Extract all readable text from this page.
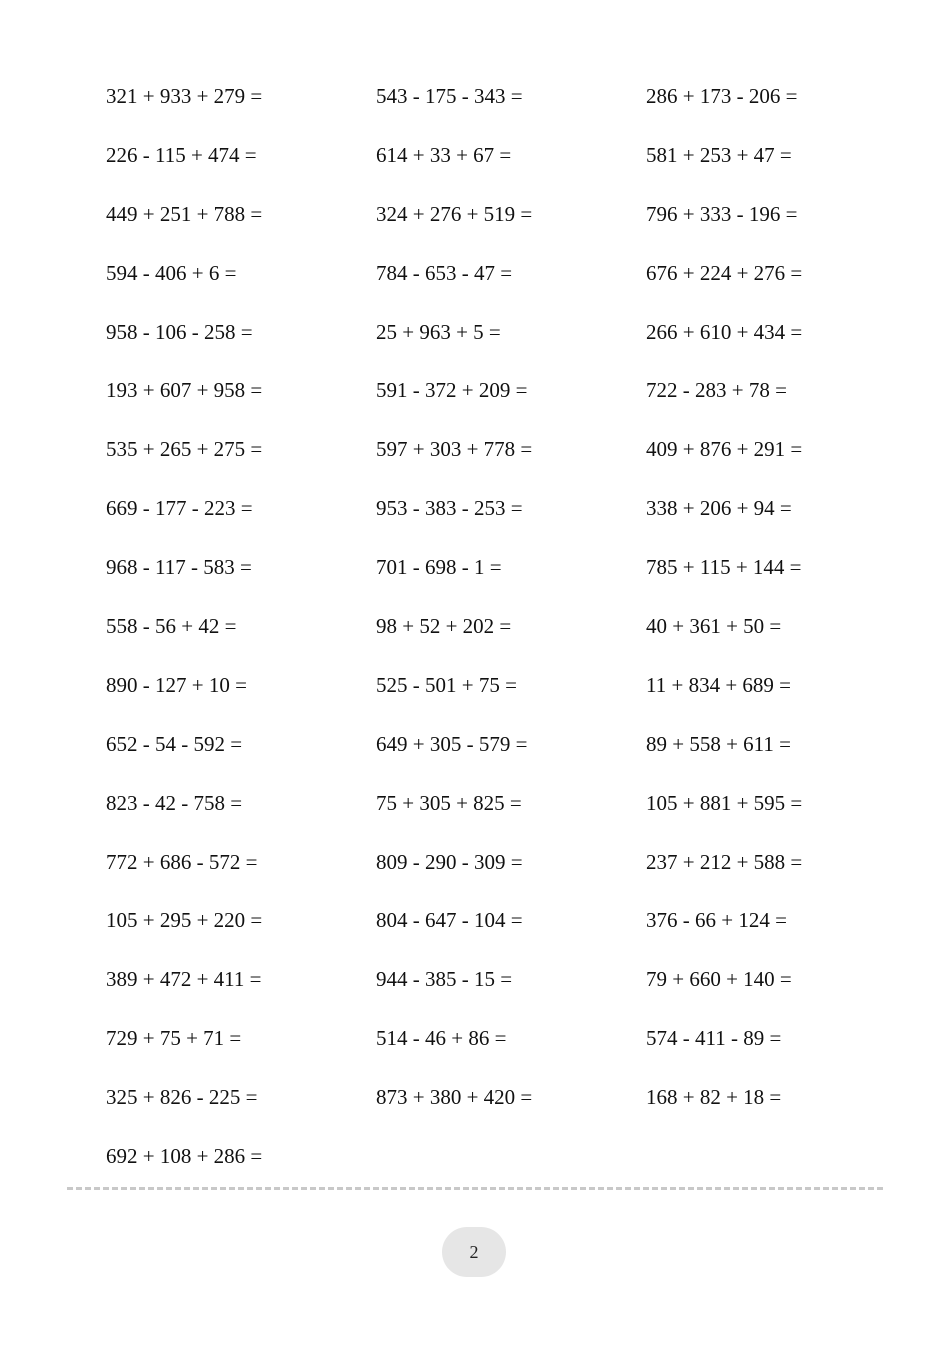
321 + 933 + 279 =	543 - 175 - 343 =	286 + 173 - 206 =
226 - 115 + 474 =	614 + 33 + 67 =	581 + 253 + 47 =
449 + 251 + 788 =	324 + 276 + 519 =	796 + 333 - 196 =
594 - 406 + 6 =	784 - 653 - 47 =	676 + 224 + 276 =
958 - 106 - 258 =	25 + 963 + 5 =	266 + 610 + 434 =
193 + 607 + 958 =	591 - 372 + 209 =	722 - 283 + 78 =
535 + 265 + 275 =	597 + 303 + 778 =	409 + 876 + 291 =
669 - 177 - 223 =	953 - 383 - 253 =	338 + 206 + 94 =
968 - 117 - 583 =	701 - 698 - 1 =	785 + 115 + 144 =
558 - 56 + 42 =	98 + 52 + 202 =	40 + 361 + 50 =
890 - 127 + 10 =	525 - 501 + 75 =	11 + 834 + 689 =
652 - 54 - 592 =	649 + 305 - 579 =	89 + 558 + 611 =
823 - 42 - 758 =	75 + 305 + 825 =	105 + 881 + 595 =
772 + 686 - 572 =	809 - 290 - 309 =	237 + 212 + 588 =
105 + 295 + 220 =	804 - 647 - 104 =	376 - 66 + 124 =
389 + 472 + 411 =	944 - 385 - 15 =	79 + 660 + 140 =
729 + 75 + 71 =	514 - 46 + 86 =	574 - 411 - 89 =
325 + 826 - 225 =	873 + 380 + 420 =	168 + 82 + 18 =
692 + 108 + 286 =
2
